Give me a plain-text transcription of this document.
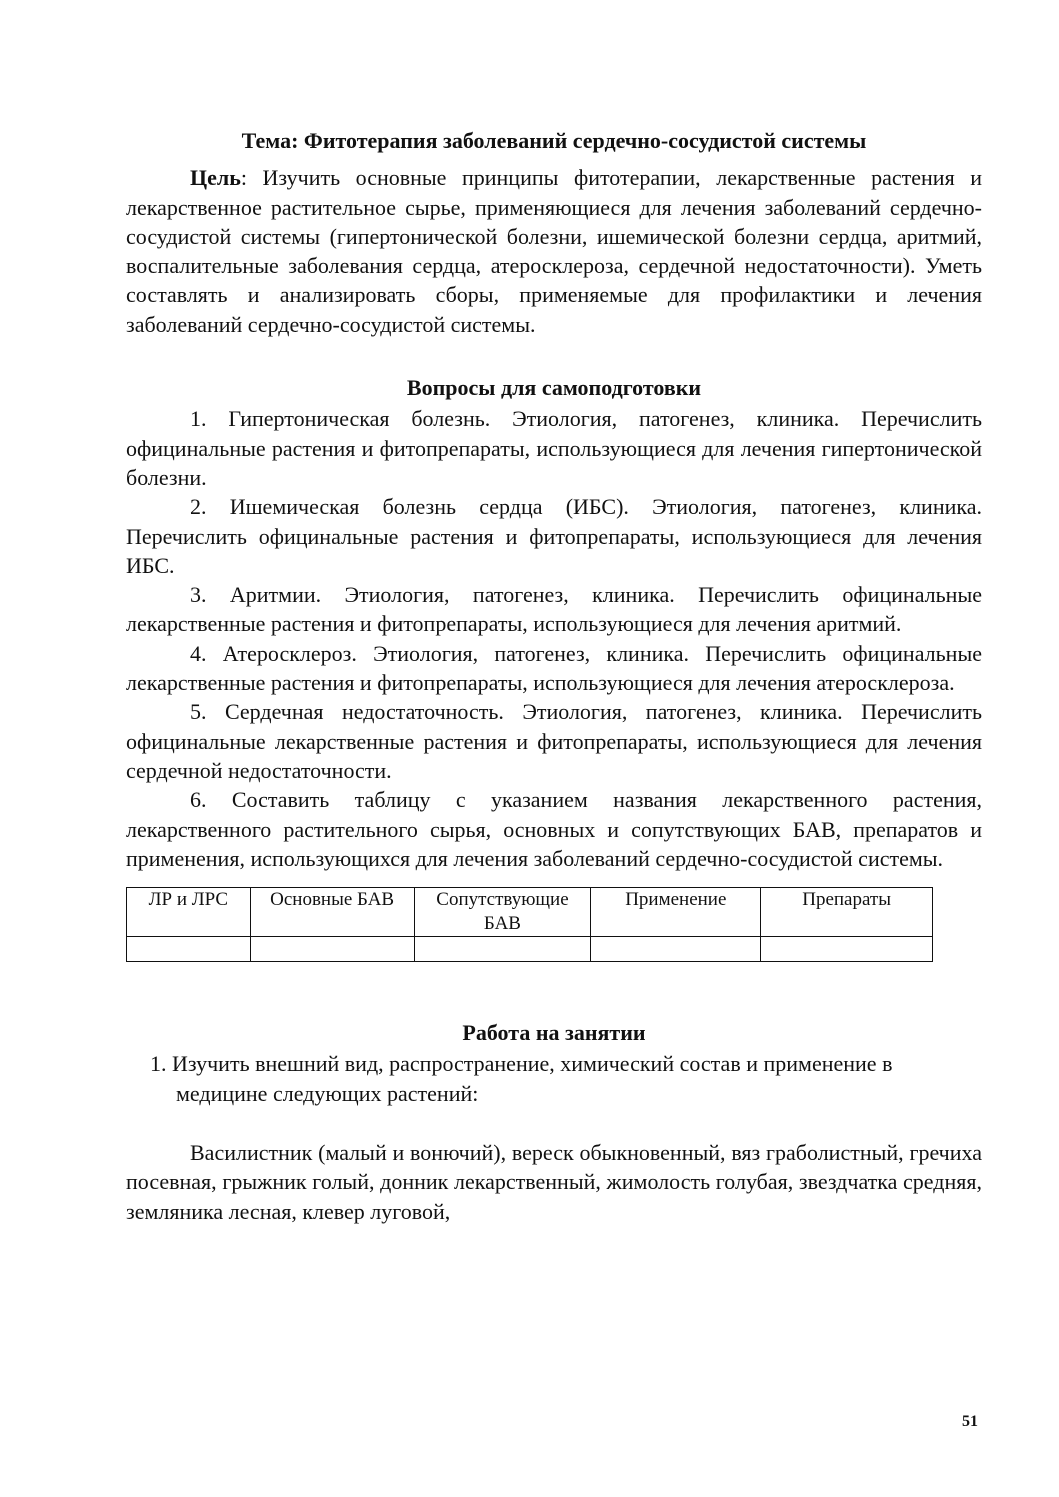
Тема: Фитотерапия заболеваний сердечно-сосудистой системы

Цель: Изучить основные принципы фитотерапии, лекарственные растения и лекарственное растительное сырье, применяющиеся для лечения заболеваний сердечно-сосудистой системы (гипертонической болезни, ишемической болезни сердца, аритмий, воспалительные заболевания сердца, атеросклероза, сердечной недостаточности). Уметь составлять и анализировать сборы, применяемые для профилактики и лечения заболеваний сердечно-сосудистой системы.

Вопросы для самоподготовки

1. Гипертоническая болезнь. Этиология, патогенез, клиника. Перечислить официнальные растения и фитопрепараты, использующиеся для лечения гипертонической болезни.

2. Ишемическая болезнь сердца (ИБС). Этиология, патогенез, клиника. Перечислить официнальные растения и фитопрепараты, использующиеся для лечения ИБС.

3. Аритмии. Этиология, патогенез, клиника. Перечислить официнальные лекарственные растения и фитопрепараты, использующиеся для лечения аритмий.

4. Атеросклероз. Этиология, патогенез, клиника. Перечислить официнальные лекарственные растения и фитопрепараты, использующиеся для лечения атеросклероза.

5. Сердечная недостаточность. Этиология, патогенез, клиника. Перечислить официнальные лекарственные растения и фитопрепараты, использующиеся для лечения сердечной недостаточности.

6. Составить таблицу с указанием названия лекарственного растения, лекарственного растительного сырья, основных и сопутствующих БАВ, препаратов и применения, использующихся для лечения заболеваний сердечно-сосудистой системы.

ЛР и ЛРС	Основные БАВ	Сопутствующие БАВ	Применение	Препараты

Работа на занятии

1. Изучить внешний вид, распространение, химический состав и применение в медицине следующих растений:

Василистник (малый и вонючий), вереск обыкновенный, вяз граболистный, гречиха посевная, грыжник голый, донник лекарственный, жимолость голубая, звездчатка средняя, земляника лесная, клевер луговой,

51
